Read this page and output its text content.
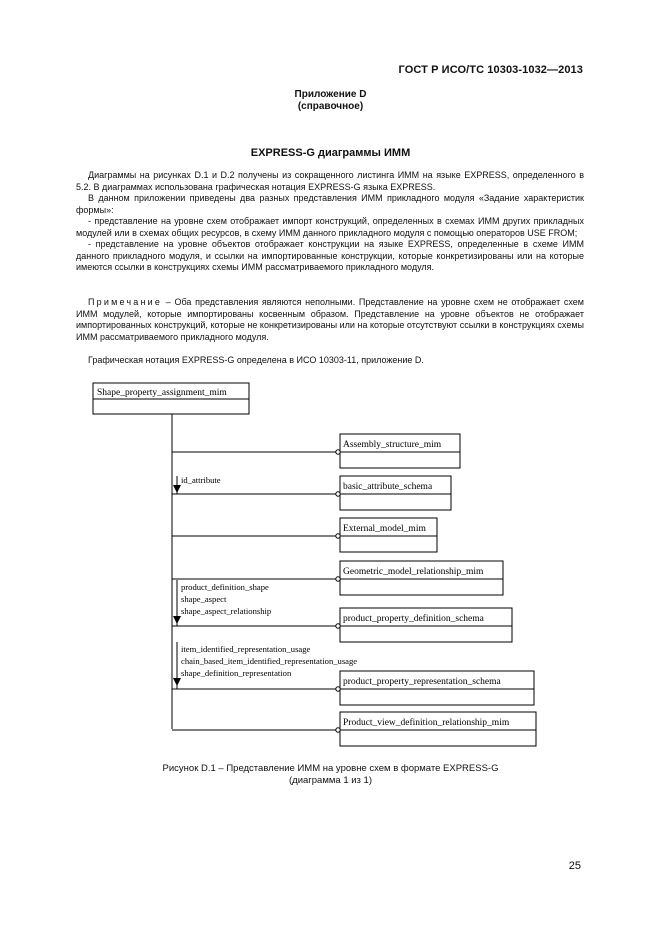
ГОСТ Р ИСО/ТС 10303-1032—2013
Приложение D
(справочное)
EXPRESS-G диаграммы ИММ

Диаграммы на рисунках D.1 и D.2 получены из сокращенного листинга ИММ на языке EXPRESS, определенного в 5.2. В диаграммах использована графическая нотация EXPRESS-G языка EXPRESS.

В данном приложении приведены два разных представления ИММ прикладного модуля «Задание характеристик формы»:

- представление на уровне схем отображает импорт конструкций, определенных в схемах ИММ других прикладных модулей или в схемах общих ресурсов, в схему ИММ данного прикладного модуля с помощью операторов USE FROM;

- представление на уровне объектов отображает конструкции на языке EXPRESS, определенные в схеме ИММ данного прикладного модуля, и ссылки на импортированные конструкции, которые конкретизированы или на которые имеются ссылки в конструкциях схемы ИММ рассматриваемого прикладного модуля.

Примечание – Оба представления являются неполными. Представление на уровне схем не отображает схем ИММ модулей, которые импортированы косвенным образом. Представление на уровне объектов не отображает импортированных конструкций, которые не конкретизированы или на которые отсутствуют ссылки в конструкциях схемы ИММ рассматриваемого прикладного модуля.

Графическая нотация EXPRESS-G определена в ИСО 10303-11, приложение D.

Shape_property_assignment_mim
Assembly_structure_mim
basic_attribute_schema
External_model_mim
Geometric_model_relationship_mim
product_property_definition_schema
product_property_representation_schema
Product_view_definition_relationship_mim
id_attribute
product_definition_shape
shape_aspect
shape_aspect_relationship
item_identified_representation_usage
chain_based_item_identified_representation_usage
shape_definition_representation
Рисунок D.1 – Представление ИММ на уровне схем в формате EXPRESS-G
(диаграмма 1 из 1)
25
